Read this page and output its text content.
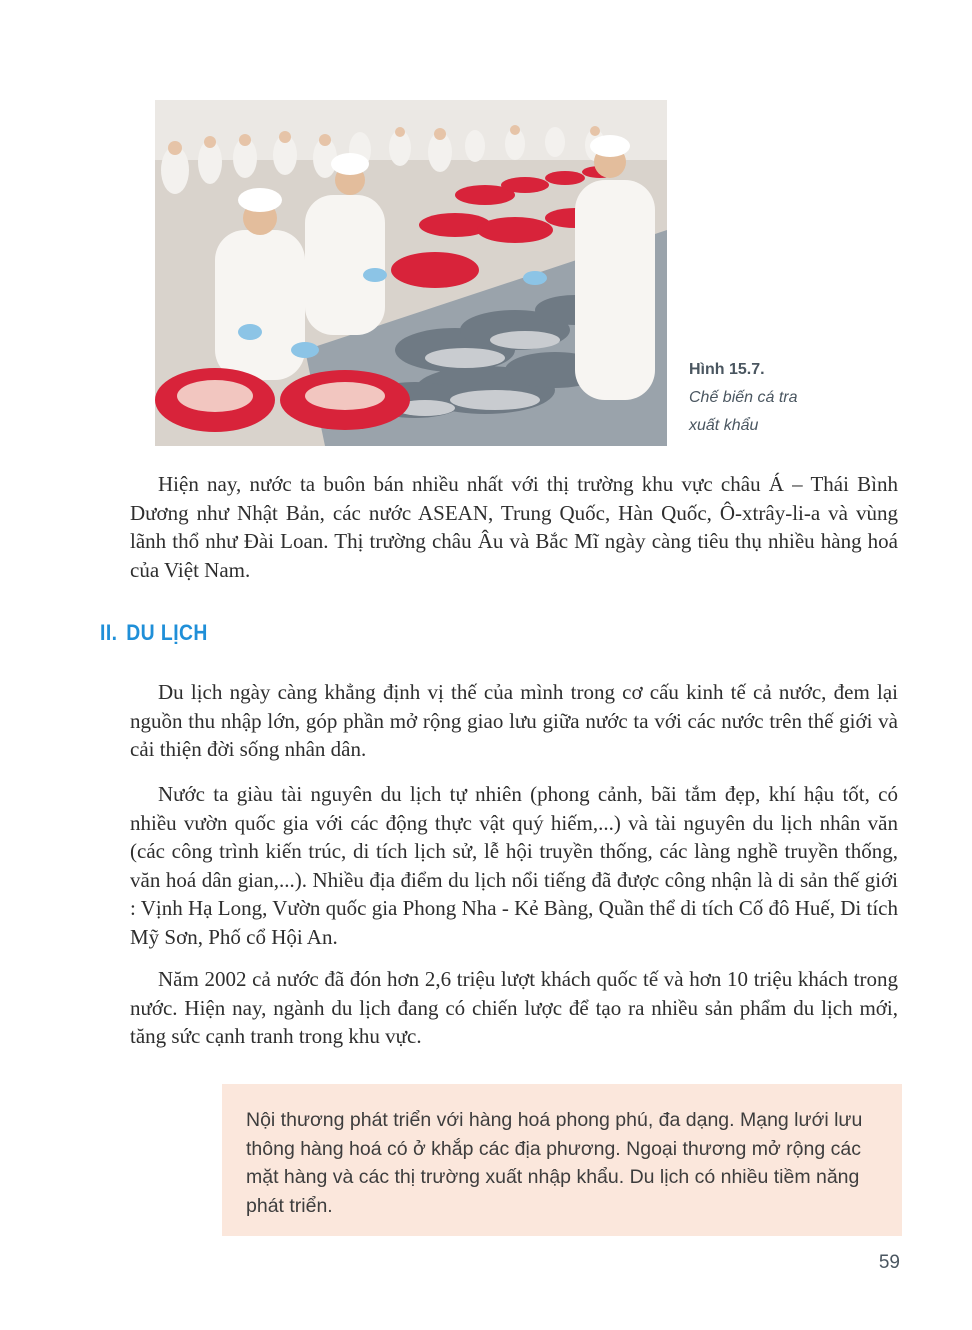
Hình 15.7.
Chế biến cá tra xuất khẩu

Hiện nay, nước ta buôn bán nhiều nhất với thị trường khu vực châu Á – Thái Bình Dương như Nhật Bản, các nước ASEAN, Trung Quốc, Hàn Quốc, Ô-xtrây-li-a và vùng lãnh thổ như Đài Loan. Thị trường châu Âu và Bắc Mĩ ngày càng tiêu thụ nhiều hàng hoá của Việt Nam.

II. DU LỊCH

Du lịch ngày càng khẳng định vị thế của mình trong cơ cấu kinh tế cả nước, đem lại nguồn thu nhập lớn, góp phần mở rộng giao lưu giữa nước ta với các nước trên thế giới và cải thiện đời sống nhân dân.

Nước ta giàu tài nguyên du lịch tự nhiên (phong cảnh, bãi tắm đẹp, khí hậu tốt, có nhiều vườn quốc gia với các động thực vật quý hiếm,...) và tài nguyên du lịch nhân văn (các công trình kiến trúc, di tích lịch sử, lễ hội truyền thống, các làng nghề truyền thống, văn hoá dân gian,...). Nhiều địa điểm du lịch nổi tiếng đã được công nhận là di sản thế giới : Vịnh Hạ Long, Vườn quốc gia Phong Nha - Kẻ Bàng, Quần thể di tích Cố đô Huế, Di tích Mỹ Sơn, Phố cổ Hội An.

Năm 2002 cả nước đã đón hơn 2,6 triệu lượt khách quốc tế và hơn 10 triệu khách trong nước. Hiện nay, ngành du lịch đang có chiến lược để tạo ra nhiều sản phẩm du lịch mới, tăng sức cạnh tranh trong khu vực.

Nội thương phát triển với hàng hoá phong phú, đa dạng. Mạng lưới lưu thông hàng hoá có ở khắp các địa phương. Ngoại thương mở rộng các mặt hàng và các thị trường xuất nhập khẩu. Du lịch có nhiều tiềm năng phát triển.

59
